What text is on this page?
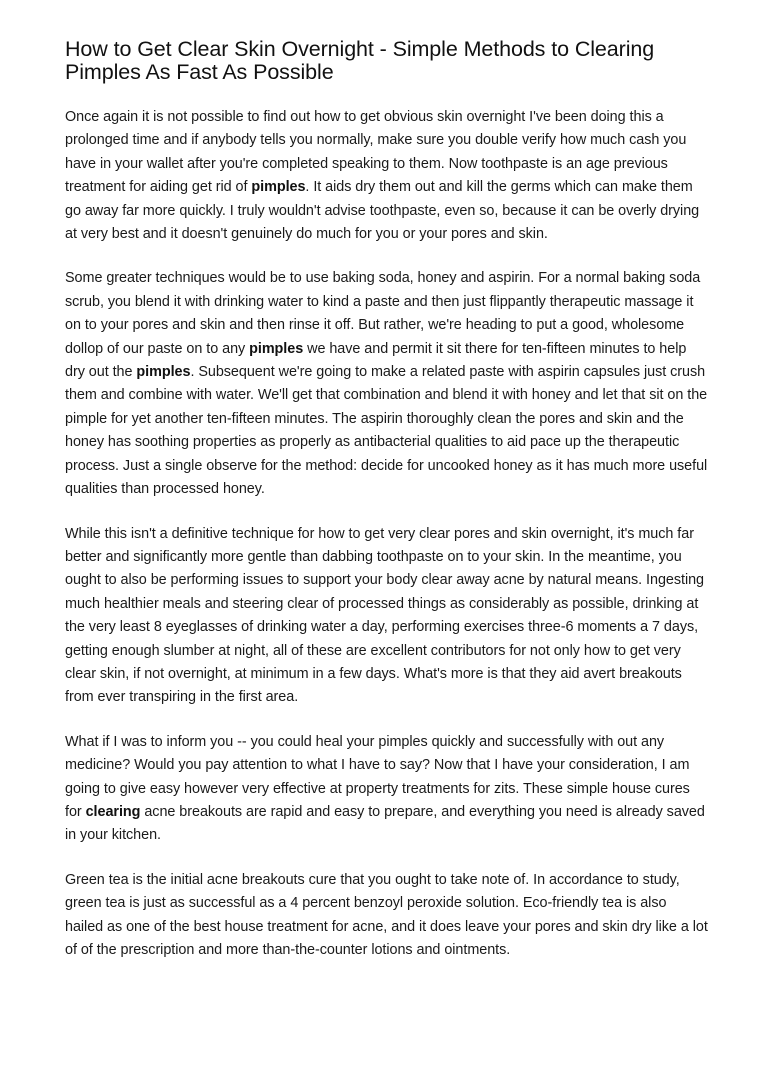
How to Get Clear Skin Overnight - Simple Methods to Clearing Pimples As Fast As Possible

Once again it is not possible to find out how to get obvious skin overnight I've been doing this a prolonged time and if anybody tells you normally, make sure you double verify how much cash you have in your wallet after you're completed speaking to them. Now toothpaste is an age previous treatment for aiding get rid of pimples. It aids dry them out and kill the germs which can make them go away far more quickly. I truly wouldn't advise toothpaste, even so, because it can be overly drying at very best and it doesn't genuinely do much for you or your pores and skin.

Some greater techniques would be to use baking soda, honey and aspirin. For a normal baking soda scrub, you blend it with drinking water to kind a paste and then just flippantly therapeutic massage it on to your pores and skin and then rinse it off. But rather, we're heading to put a good, wholesome dollop of our paste on to any pimples we have and permit it sit there for ten-fifteen minutes to help dry out the pimples. Subsequent we're going to make a related paste with aspirin capsules just crush them and combine with water. We'll get that combination and blend it with honey and let that sit on the pimple for yet another ten-fifteen minutes. The aspirin thoroughly clean the pores and skin and the honey has soothing properties as properly as antibacterial qualities to aid pace up the therapeutic process. Just a single observe for the method: decide for uncooked honey as it has much more useful qualities than processed honey.

While this isn't a definitive technique for how to get very clear pores and skin overnight, it's much far better and significantly more gentle than dabbing toothpaste on to your skin. In the meantime, you ought to also be performing issues to support your body clear away acne by natural means. Ingesting much healthier meals and steering clear of processed things as considerably as possible, drinking at the very least 8 eyeglasses of drinking water a day, performing exercises three-6 moments a 7 days, getting enough slumber at night, all of these are excellent contributors for not only how to get very clear skin, if not overnight, at minimum in a few days. What's more is that they aid avert breakouts from ever transpiring in the first area.

What if I was to inform you -- you could heal your pimples quickly and successfully with out any medicine? Would you pay attention to what I have to say? Now that I have your consideration, I am going to give easy however very effective at property treatments for zits. These simple house cures for clearing acne breakouts are rapid and easy to prepare, and everything you need is already saved in your kitchen.

Green tea is the initial acne breakouts cure that you ought to take note of. In accordance to study, green tea is just as successful as a 4 percent benzoyl peroxide solution. Eco-friendly tea is also hailed as one of the best house treatment for acne, and it does leave your pores and skin dry like a lot of of the prescription and more than-the-counter lotions and ointments.
